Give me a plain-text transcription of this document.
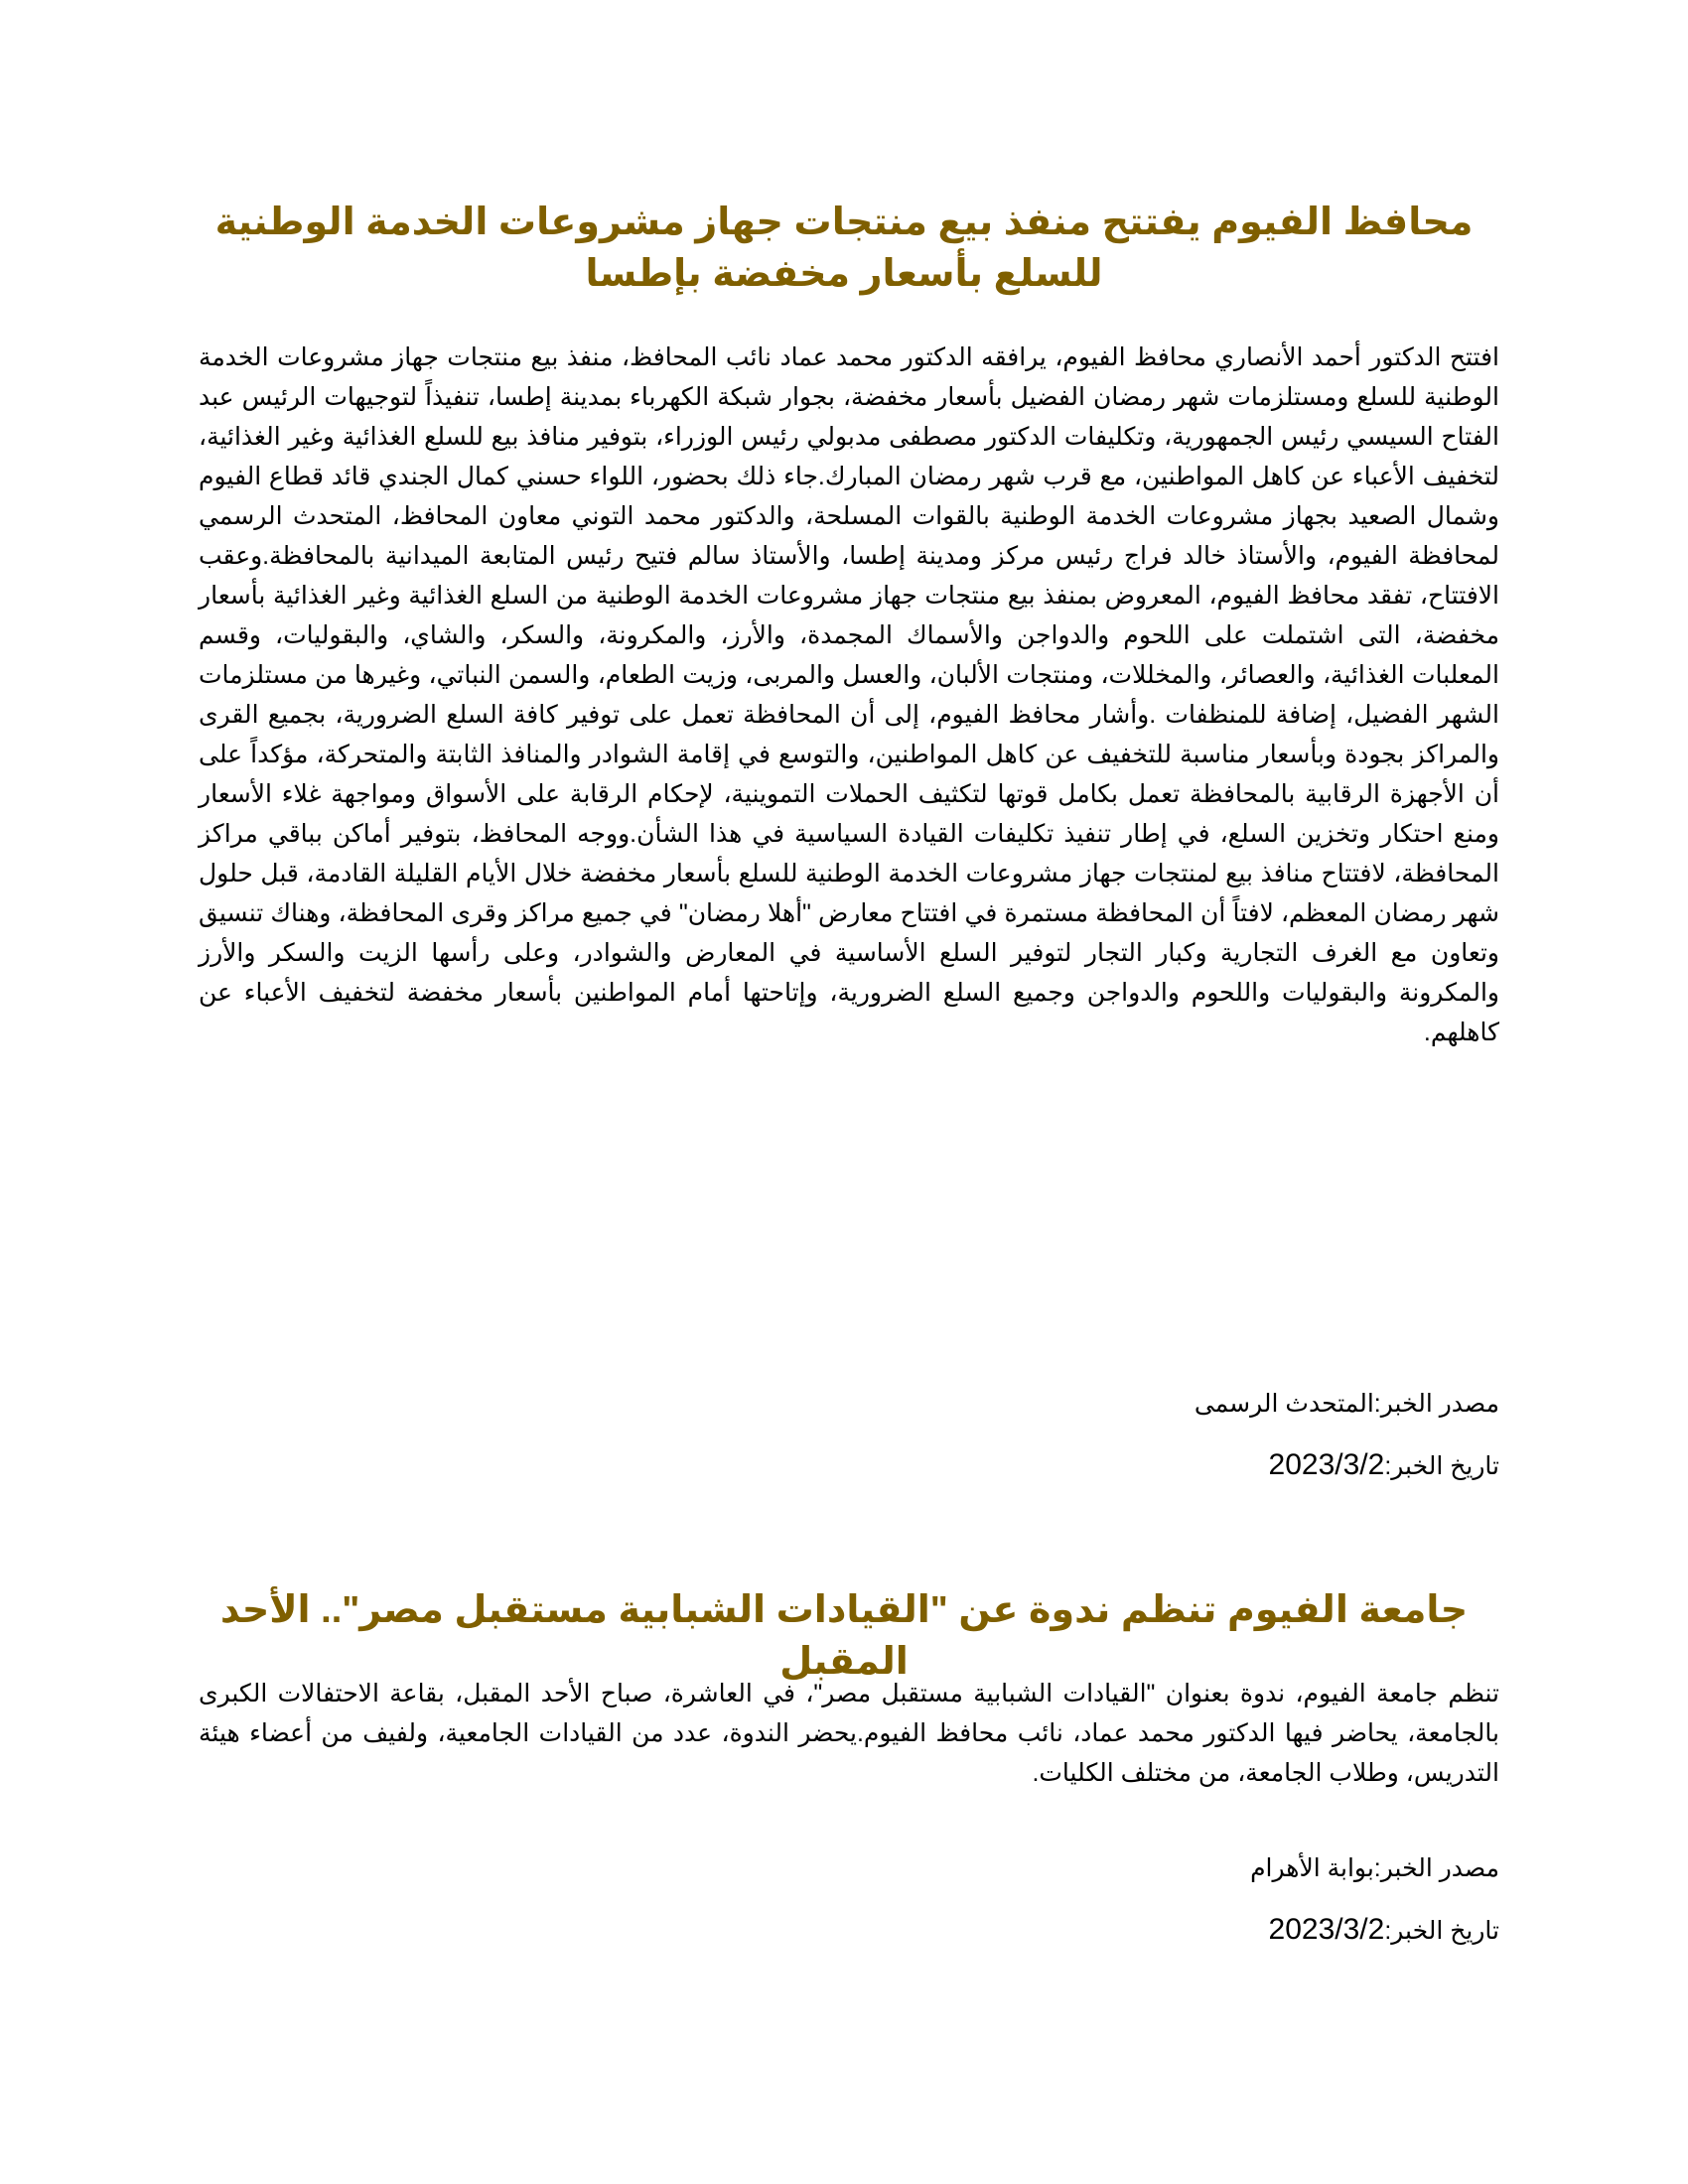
محافظ الفيوم يفتتح منفذ بيع منتجات جهاز مشروعات الخدمة الوطنية للسلع بأسعار مخفضة بإطسا

افتتح الدكتور أحمد الأنصاري محافظ الفيوم، يرافقه الدكتور محمد عماد نائب المحافظ، منفذ بيع منتجات جهاز مشروعات الخدمة الوطنية للسلع ومستلزمات شهر رمضان الفضيل بأسعار مخفضة، بجوار شبكة الكهرباء بمدينة إطسا، تنفيذاً لتوجيهات الرئيس عبد الفتاح السيسي رئيس الجمهورية، وتكليفات الدكتور مصطفى مدبولي رئيس الوزراء، بتوفير منافذ بيع للسلع الغذائية وغير الغذائية، لتخفيف الأعباء عن كاهل المواطنين، مع قرب شهر رمضان المبارك.جاء ذلك بحضور، اللواء حسني كمال الجندي قائد قطاع الفيوم وشمال الصعيد بجهاز مشروعات الخدمة الوطنية بالقوات المسلحة، والدكتور محمد التوني معاون المحافظ، المتحدث الرسمي لمحافظة الفيوم، والأستاذ خالد فراج رئيس مركز ومدينة إطسا، والأستاذ سالم فتيح رئيس المتابعة الميدانية بالمحافظة.وعقب الافتتاح، تفقد محافظ الفيوم، المعروض بمنفذ بيع منتجات جهاز مشروعات الخدمة الوطنية من السلع الغذائية وغير الغذائية بأسعار مخفضة، التى اشتملت على اللحوم والدواجن والأسماك المجمدة، والأرز، والمكرونة، والسكر، والشاي، والبقوليات، وقسم المعلبات الغذائية، والعصائر، والمخللات، ومنتجات الألبان، والعسل والمربى، وزيت الطعام، والسمن النباتي، وغيرها من مستلزمات الشهر الفضيل، إضافة للمنظفات .وأشار محافظ الفيوم، إلى أن المحافظة تعمل على توفير كافة السلع الضرورية، بجميع القرى والمراكز بجودة وبأسعار مناسبة للتخفيف عن كاهل المواطنين، والتوسع في إقامة الشوادر والمنافذ الثابتة والمتحركة، مؤكداً على أن الأجهزة الرقابية بالمحافظة تعمل بكامل قوتها لتكثيف الحملات التموينية، لإحكام الرقابة على الأسواق ومواجهة غلاء الأسعار ومنع احتكار وتخزين السلع، في إطار تنفيذ تكليفات القيادة السياسية في هذا الشأن.ووجه المحافظ، بتوفير أماكن بباقي مراكز المحافظة، لافتتاح منافذ بيع لمنتجات جهاز مشروعات الخدمة الوطنية للسلع بأسعار مخفضة خلال الأيام القليلة القادمة، قبل حلول شهر رمضان المعظم، لافتاً أن المحافظة مستمرة في افتتاح معارض "أهلا رمضان" في جميع مراكز وقرى المحافظة، وهناك تنسيق وتعاون مع الغرف التجارية وكبار التجار لتوفير السلع الأساسية في المعارض والشوادر، وعلى رأسها الزيت والسكر والأرز والمكرونة والبقوليات واللحوم والدواجن وجميع السلع الضرورية، وإتاحتها أمام المواطنين بأسعار مخفضة لتخفيف الأعباء عن كاهلهم.

مصدر الخبر:المتحدث الرسمى

تاريخ الخبر:2023/3/2

جامعة الفيوم تنظم ندوة عن "القيادات الشبابية مستقبل مصر".. الأحد المقبل

تنظم جامعة الفيوم، ندوة بعنوان "القيادات الشبابية مستقبل مصر"، في العاشرة، صباح الأحد المقبل، بقاعة الاحتفالات الكبرى بالجامعة، يحاضر فيها الدكتور محمد عماد، نائب محافظ الفيوم.يحضر الندوة، عدد من القيادات الجامعية، ولفيف من أعضاء هيئة التدريس، وطلاب الجامعة، من مختلف الكليات.

مصدر الخبر:بوابة الأهرام

تاريخ الخبر:2023/3/2
